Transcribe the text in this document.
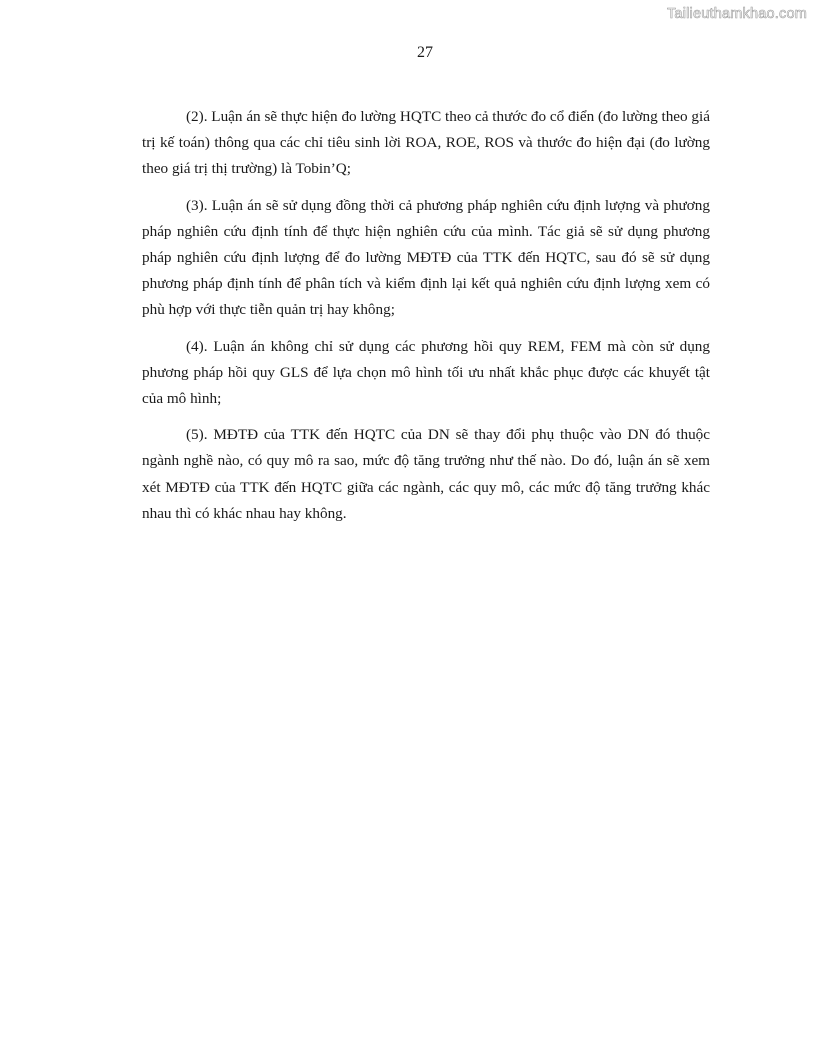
Tailieuthamkhao.com
27

(2). Luận án sẽ thực hiện đo lường HQTC theo cả thước đo cổ điển (đo lường theo giá trị kế toán) thông qua các chỉ tiêu sinh lời ROA, ROE, ROS và thước đo hiện đại (đo lường theo giá trị thị trường) là Tobin’Q;

(3). Luận án sẽ sử dụng đồng thời cả phương pháp nghiên cứu định lượng và phương pháp nghiên cứu định tính để thực hiện nghiên cứu của mình. Tác giả sẽ sử dụng phương pháp nghiên cứu định lượng để đo lường MĐTĐ của TTK đến HQTC, sau đó sẽ sử dụng phương pháp định tính để phân tích và kiểm định lại kết quả nghiên cứu định lượng xem có phù hợp với thực tiễn quản trị hay không;

(4). Luận án không chỉ sử dụng các phương hồi quy REM, FEM mà còn sử dụng phương pháp hồi quy GLS để lựa chọn mô hình tối ưu nhất khắc phục được các khuyết tật của mô hình;

(5). MĐTĐ của TTK đến HQTC của DN sẽ thay đổi phụ thuộc vào DN đó thuộc ngành nghề nào, có quy mô ra sao, mức độ tăng trưởng như thế nào. Do đó, luận án sẽ xem xét MĐTĐ của TTK đến HQTC giữa các ngành, các quy mô, các mức độ tăng trưởng khác nhau thì có khác nhau hay không.
